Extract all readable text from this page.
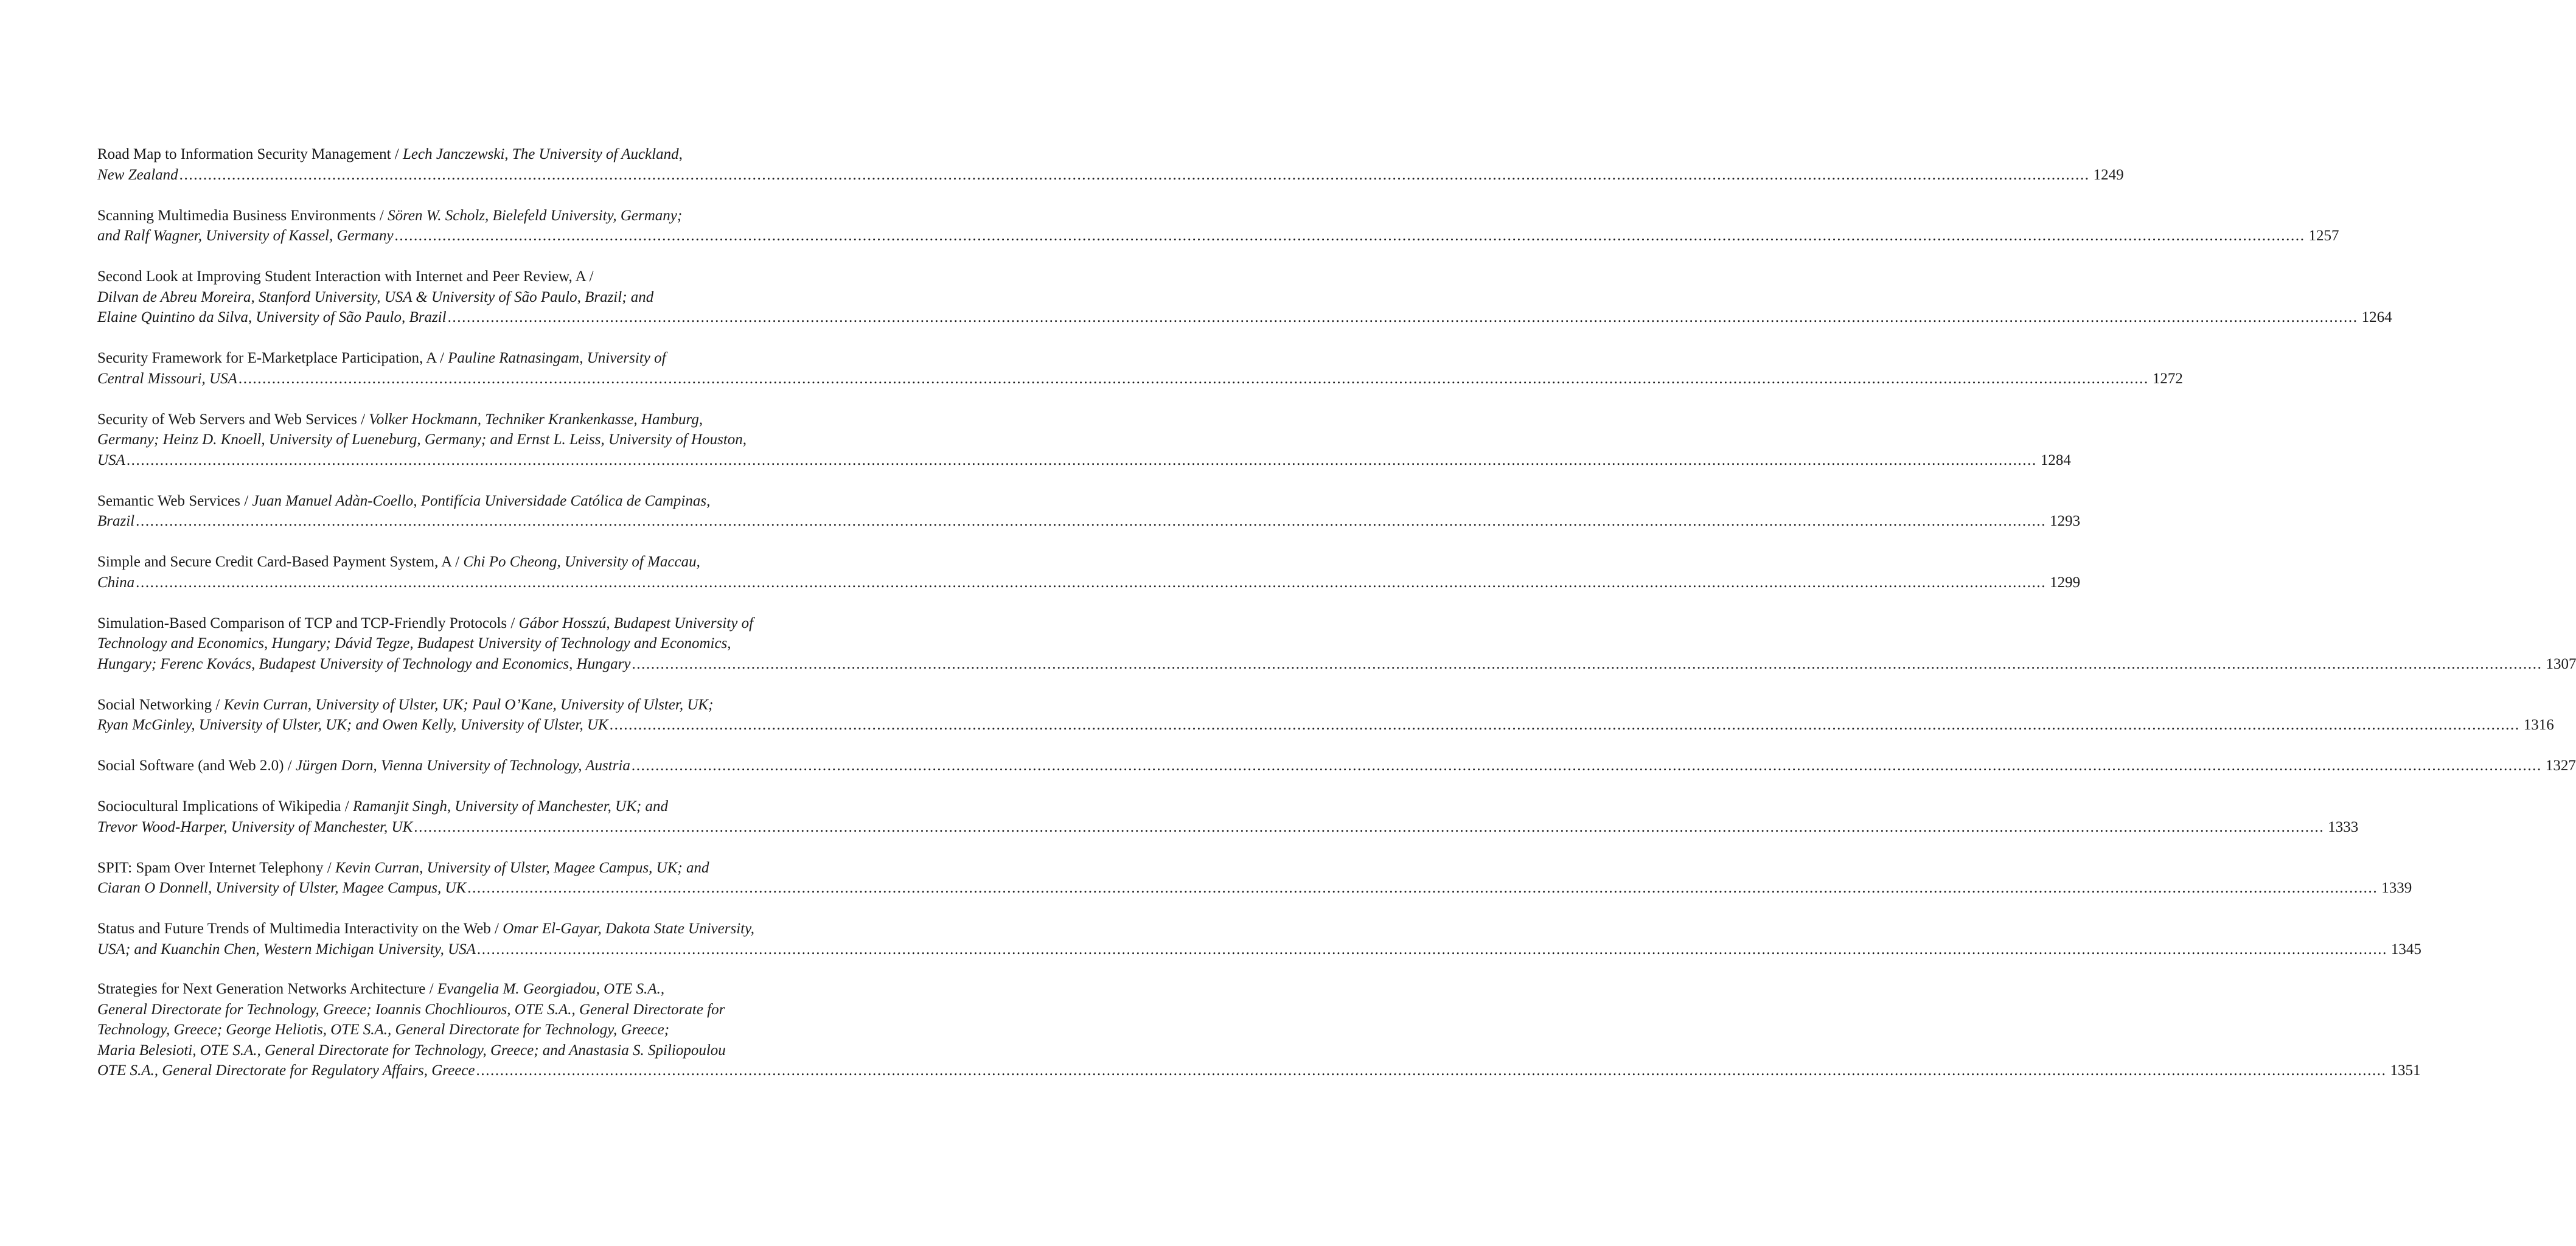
Road Map to Information Security Management / Lech Janczewski, The University of Auckland,
New Zealand ................................................................................................................................................................................................................................................................................................................................................................................................................ 1249
Scanning Multimedia Business Environments / Sören W. Scholz, Bielefeld University, Germany;
and Ralf Wagner, University of Kassel, Germany ................................................................................................................................................................................................................................................................................................................................................................................................................ 1257
Second Look at Improving Student Interaction with Internet and Peer Review, A /
Dilvan de Abreu Moreira, Stanford University, USA & University of São Paulo, Brazil; and
Elaine Quintino da Silva, University of São Paulo, Brazil ................................................................................................................................................................................................................................................................................................................................................................................................................ 1264
Security Framework for E-Marketplace Participation, A / Pauline Ratnasingam, University of
Central Missouri, USA ................................................................................................................................................................................................................................................................................................................................................................................................................ 1272
Security of Web Servers and Web Services / Volker Hockmann, Techniker Krankenkasse, Hamburg,
Germany; Heinz D. Knoell, University of Lueneburg, Germany; and Ernst L. Leiss, University of Houston,
USA ................................................................................................................................................................................................................................................................................................................................................................................................................ 1284
Semantic Web Services / Juan Manuel Adàn-Coello, Pontifícia Universidade Católica de Campinas,
Brazil ................................................................................................................................................................................................................................................................................................................................................................................................................ 1293
Simple and Secure Credit Card-Based Payment System, A / Chi Po Cheong, University of Maccau,
China ................................................................................................................................................................................................................................................................................................................................................................................................................ 1299
Simulation-Based Comparison of TCP and TCP-Friendly Protocols / Gábor Hosszú, Budapest University of
Technology and Economics, Hungary; Dávid Tegze, Budapest University of Technology and Economics,
Hungary; Ferenc Kovács, Budapest University of Technology and Economics, Hungary ................................................................................................................................................................................................................................................................................................................................................................................................................ 1307
Social Networking / Kevin Curran, University of Ulster, UK; Paul O’Kane, University of Ulster, UK;
Ryan McGinley, University of Ulster, UK; and Owen Kelly, University of Ulster, UK ................................................................................................................................................................................................................................................................................................................................................................................................................ 1316
Social Software (and Web 2.0) / Jürgen Dorn, Vienna University of Technology, Austria ................................................................................................................................................................................................................................................................................................................................................................................................................ 1327
Sociocultural Implications of Wikipedia / Ramanjit Singh, University of Manchester, UK; and
Trevor Wood-Harper, University of Manchester, UK ................................................................................................................................................................................................................................................................................................................................................................................................................ 1333
SPIT: Spam Over Internet Telephony / Kevin Curran, University of Ulster, Magee Campus, UK; and
Ciaran O Donnell, University of Ulster, Magee Campus, UK ................................................................................................................................................................................................................................................................................................................................................................................................................ 1339
Status and Future Trends of Multimedia Interactivity on the Web / Omar El-Gayar, Dakota State University,
USA; and Kuanchin Chen, Western Michigan University, USA ................................................................................................................................................................................................................................................................................................................................................................................................................ 1345
Strategies for Next Generation Networks Architecture / Evangelia M. Georgiadou, OTE S.A.,
General Directorate for Technology, Greece; Ioannis Chochliouros, OTE S.A., General Directorate for
Technology, Greece; George Heliotis, OTE S.A., General Directorate for Technology, Greece;
Maria Belesioti, OTE S.A., General Directorate for Technology, Greece; and Anastasia S. Spiliopoulou
OTE S.A., General Directorate for Regulatory Affairs, Greece ................................................................................................................................................................................................................................................................................................................................................................................................................ 1351
